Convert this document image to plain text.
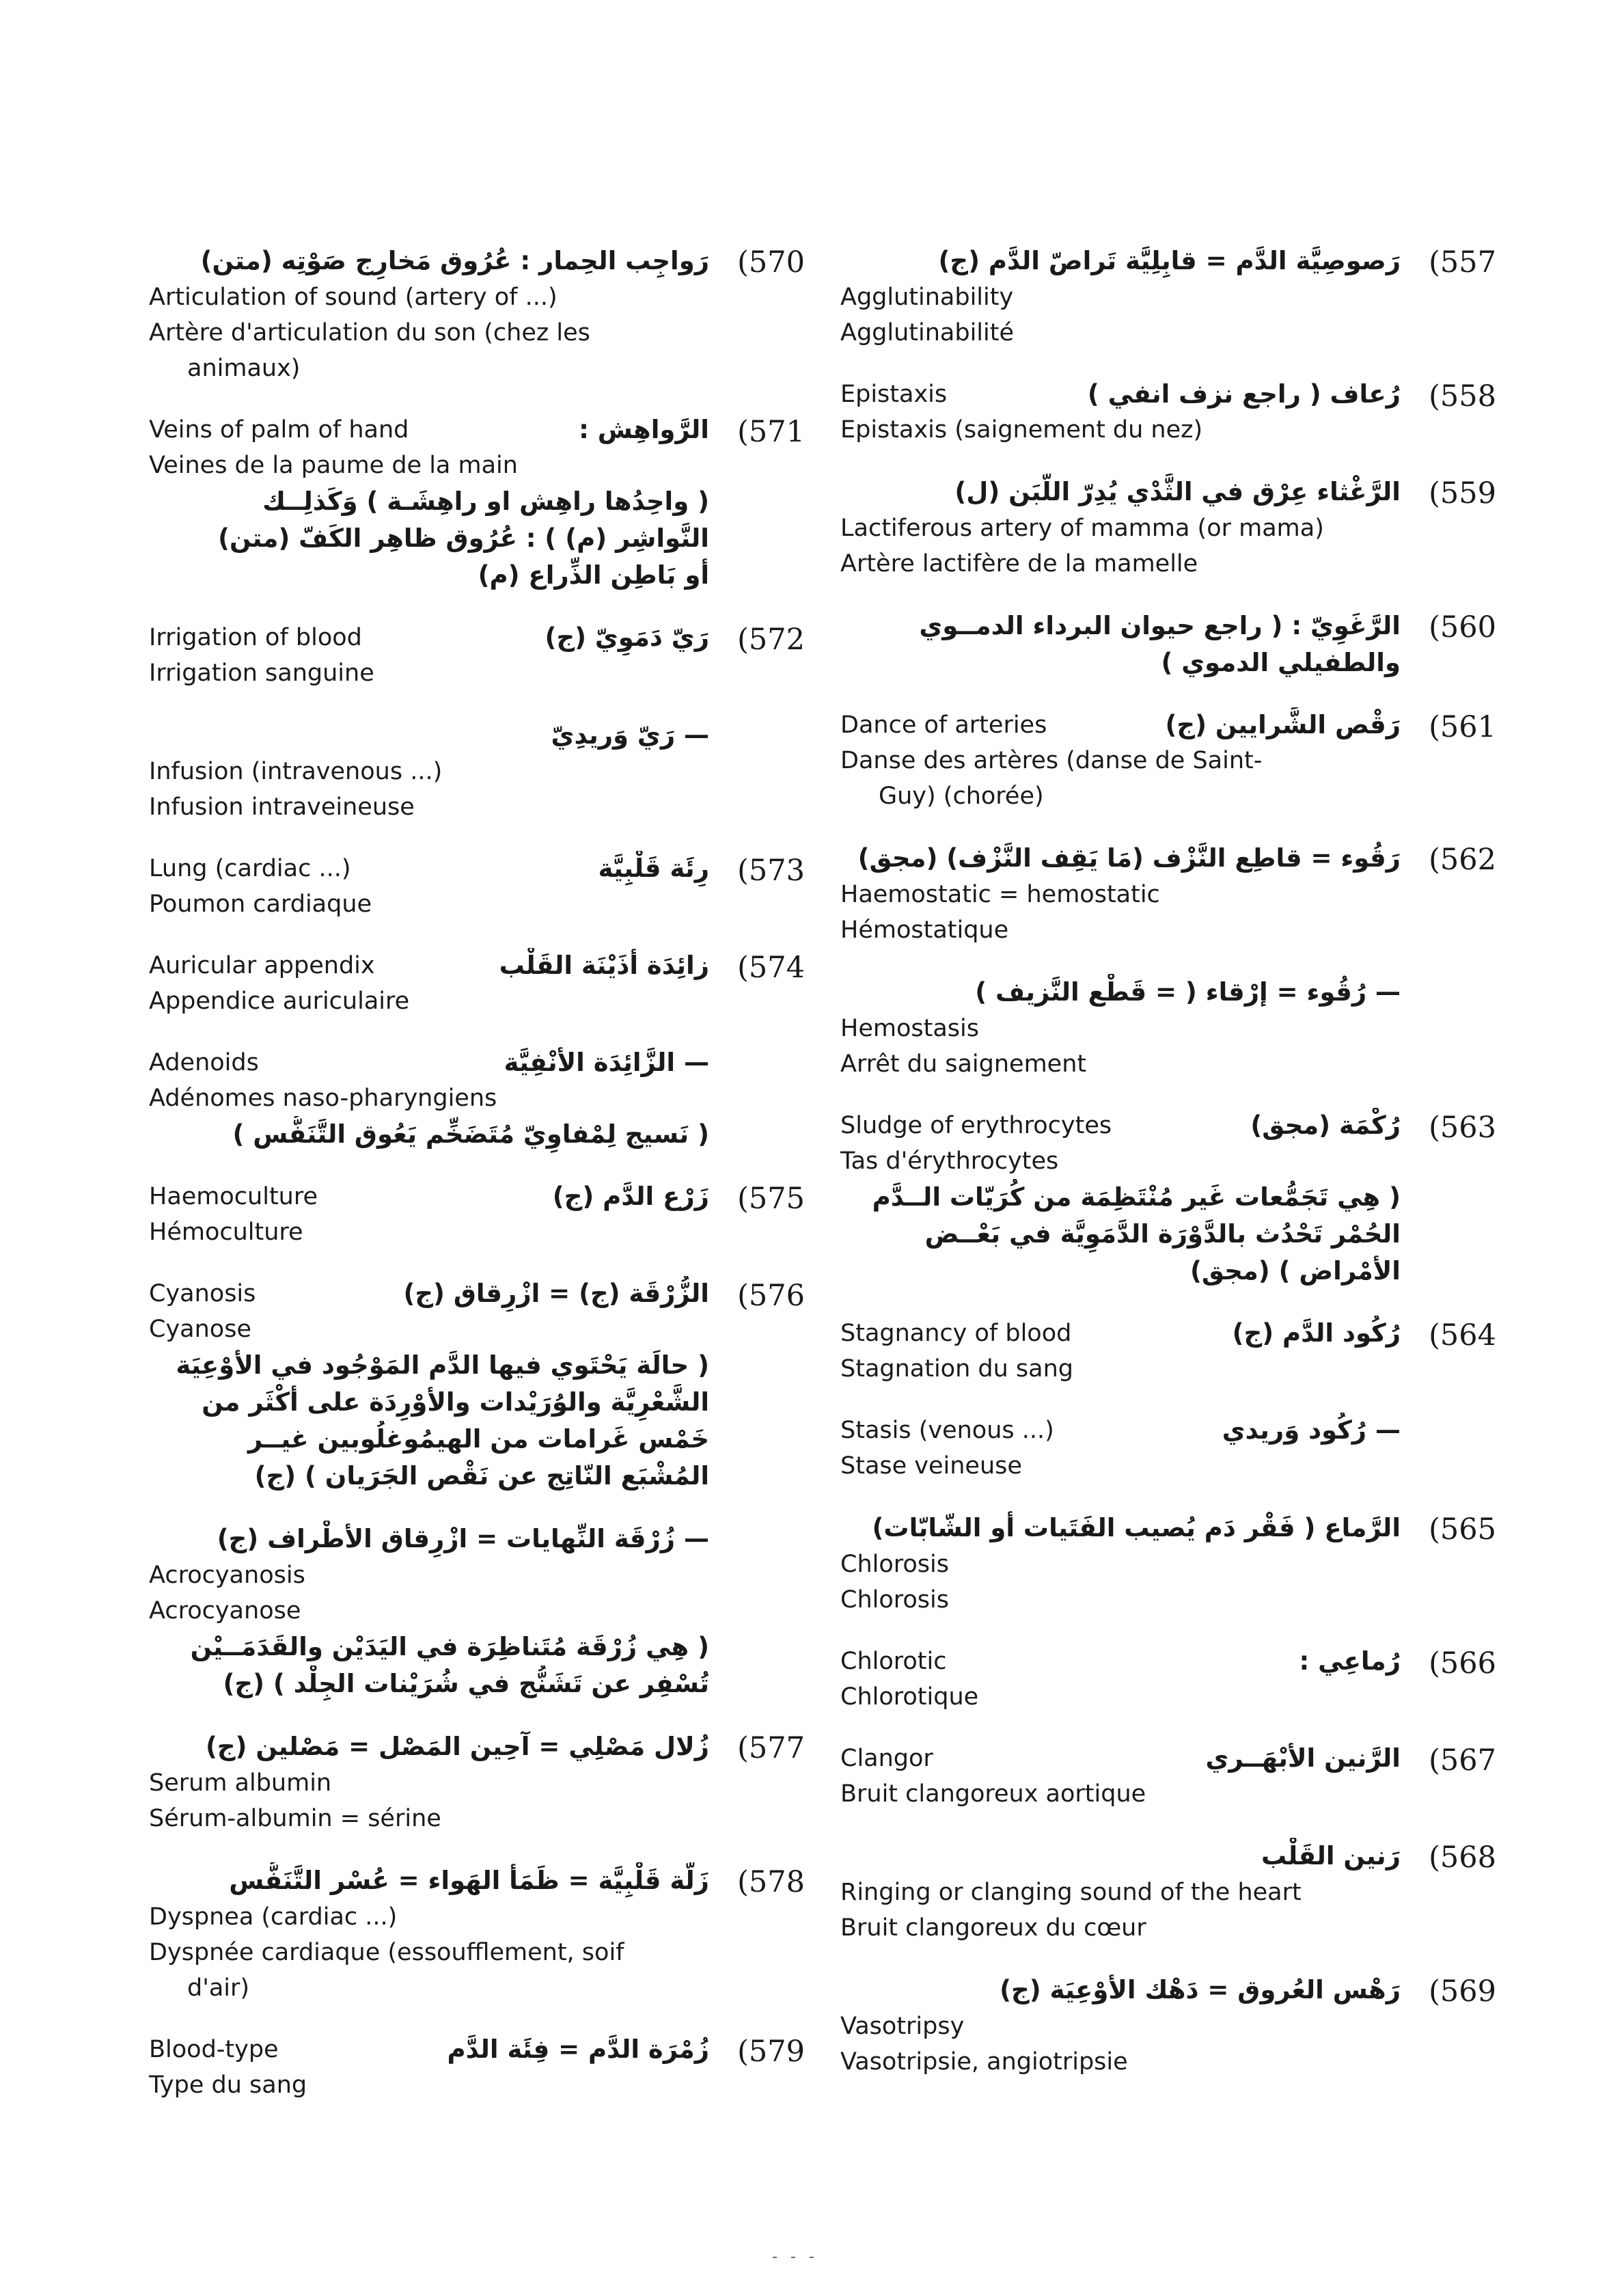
(557
رَصوصِيَّة الدَّم = قابِلِيَّة تَراصّ الدَّم (ج)
Agglutinability
Agglutinabilité
(558
Epistaxis	رُعاف ( راجع نزف انفي )
Epistaxis (saignement du nez)
(559
الرَّغْثاء عِرْق في الثَّدْي يُدِرّ اللَّبَن (ل)
Lactiferous artery of mamma (or mama)
Artère lactifère de la mamelle
(560
الرَّغَوِيّ : ( راجع حيوان البرداء الدمــوي
والطفيلي الدموي )
(561
Dance of arteries	رَقْص الشَّرايين (ج)
Danse des artères (danse de Saint-
Guy) (chorée)
(562
رَقُوء = قاطِع النَّزْف (مَا يَقِف النَّزْف) (مجق)
Haemostatic = hemostatic
Hémostatique
— رُقُوء = إرْقاء ( = قَطْع النَّزيف )
Hemostasis
Arrêt du saignement
(563
Sludge of erythrocytes	رُكْمَة (مجق)
Tas d'érythrocytes
( هِي تَجَمُّعات غَير مُنْتَظِمَة من كُرَيّات الــدَّم
الحُمْر تَحْدُث بالدَّوْرَة الدَّمَوِيَّة في بَعْــض
الأمْراض ) (مجق)
(564
Stagnancy of blood	رُكُود الدَّم (ج)
Stagnation du sang
Stasis (venous ...)	— رُكُود وَريدي
Stase veineuse
(565
الرَّماع ( فَقْر دَم يُصيب الفَتَيات أو الشّابّات)
Chlorosis
Chlorosis
(566
Chlorotic	رُماعِي :
Chlorotique
(567
Clangor	الرَّنين الأبْهَــري
Bruit clangoreux aortique
(568
رَنين القَلْب
Ringing or clanging sound of the heart
Bruit clangoreux du cœur
(569
رَهْس العُروق = دَهْك الأوْعِيَة (ج)
Vasotripsy
Vasotripsie, angiotripsie
(570
رَواجِب الحِمار : عُرُوق مَخارِج صَوْتِه (متن)
Articulation of sound (artery of ...)
Artère d'articulation du son (chez les
animaux)
(571
Veins of palm of hand	الرَّواهِش :
Veines de la paume de la main
( واحِدُها راهِش او راهِشَـة ) وَكَذلِــك
النَّواشِر (م) ) : عُرُوق ظاهِر الكَفّ (متن)
أو بَاطِن الذِّراع (م)
(572
Irrigation of blood	رَيّ دَمَوِيّ (ج)
Irrigation sanguine
— رَيّ وَريدِيّ
Infusion (intravenous ...)
Infusion intraveineuse
(573
Lung (cardiac ...)	رِئَة قَلْبِيَّة
Poumon cardiaque
(574
Auricular appendix	زائِدَة أُذَيْنَة القَلْب
Appendice auriculaire
Adenoids	— الزَّائِدَة الأنْفِيَّة
Adénomes naso-pharyngiens
( نَسيج لِمْفاوِيّ مُتَضَخِّم يَعُوق التَّنَفُّس )
(575
Haemoculture	زَرْع الدَّم (ج)
Hémoculture
(576
Cyanosis	الزُّرْقَة (ج) = ازْرِقاق (ج)
Cyanose
( حالَة يَحْتَوي فيها الدَّم المَوْجُود في الأوْعِيَة
الشَّعْرِيَّة والوُرَيْدات والأوْرِدَة على أكْثَر من
خَمْس غَرامات من الهيمُوغلُوبين غيــر
المُشْبَع النّاتِج عن نَقْص الجَرَيان ) (ج)
— زُرْقَة النِّهايات = ازْرِقاق الأطْراف (ج)
Acrocyanosis
Acrocyanose
( هِي زُرْقَة مُتَناظِرَة في اليَدَيْن والقَدَمَــيْن
تُسْفِر عن تَشَنُّج في شُرَيْنات الجِلْد ) (ج)
(577
زُلال مَصْلِي = آحِين المَصْل = مَصْلين (ج)
Serum albumin
Sérum-albumin = sérine
(578
زَلَّة قَلْبِيَّة = ظَمَأ الهَواء = عُسْر التَّنَفُّس
Dyspnea (cardiac ...)
Dyspnée cardiaque (essoufflement, soif
d'air)
(579
Blood-type	زُمْرَة الدَّم = فِئَة الدَّم
Type du sang
- - -
